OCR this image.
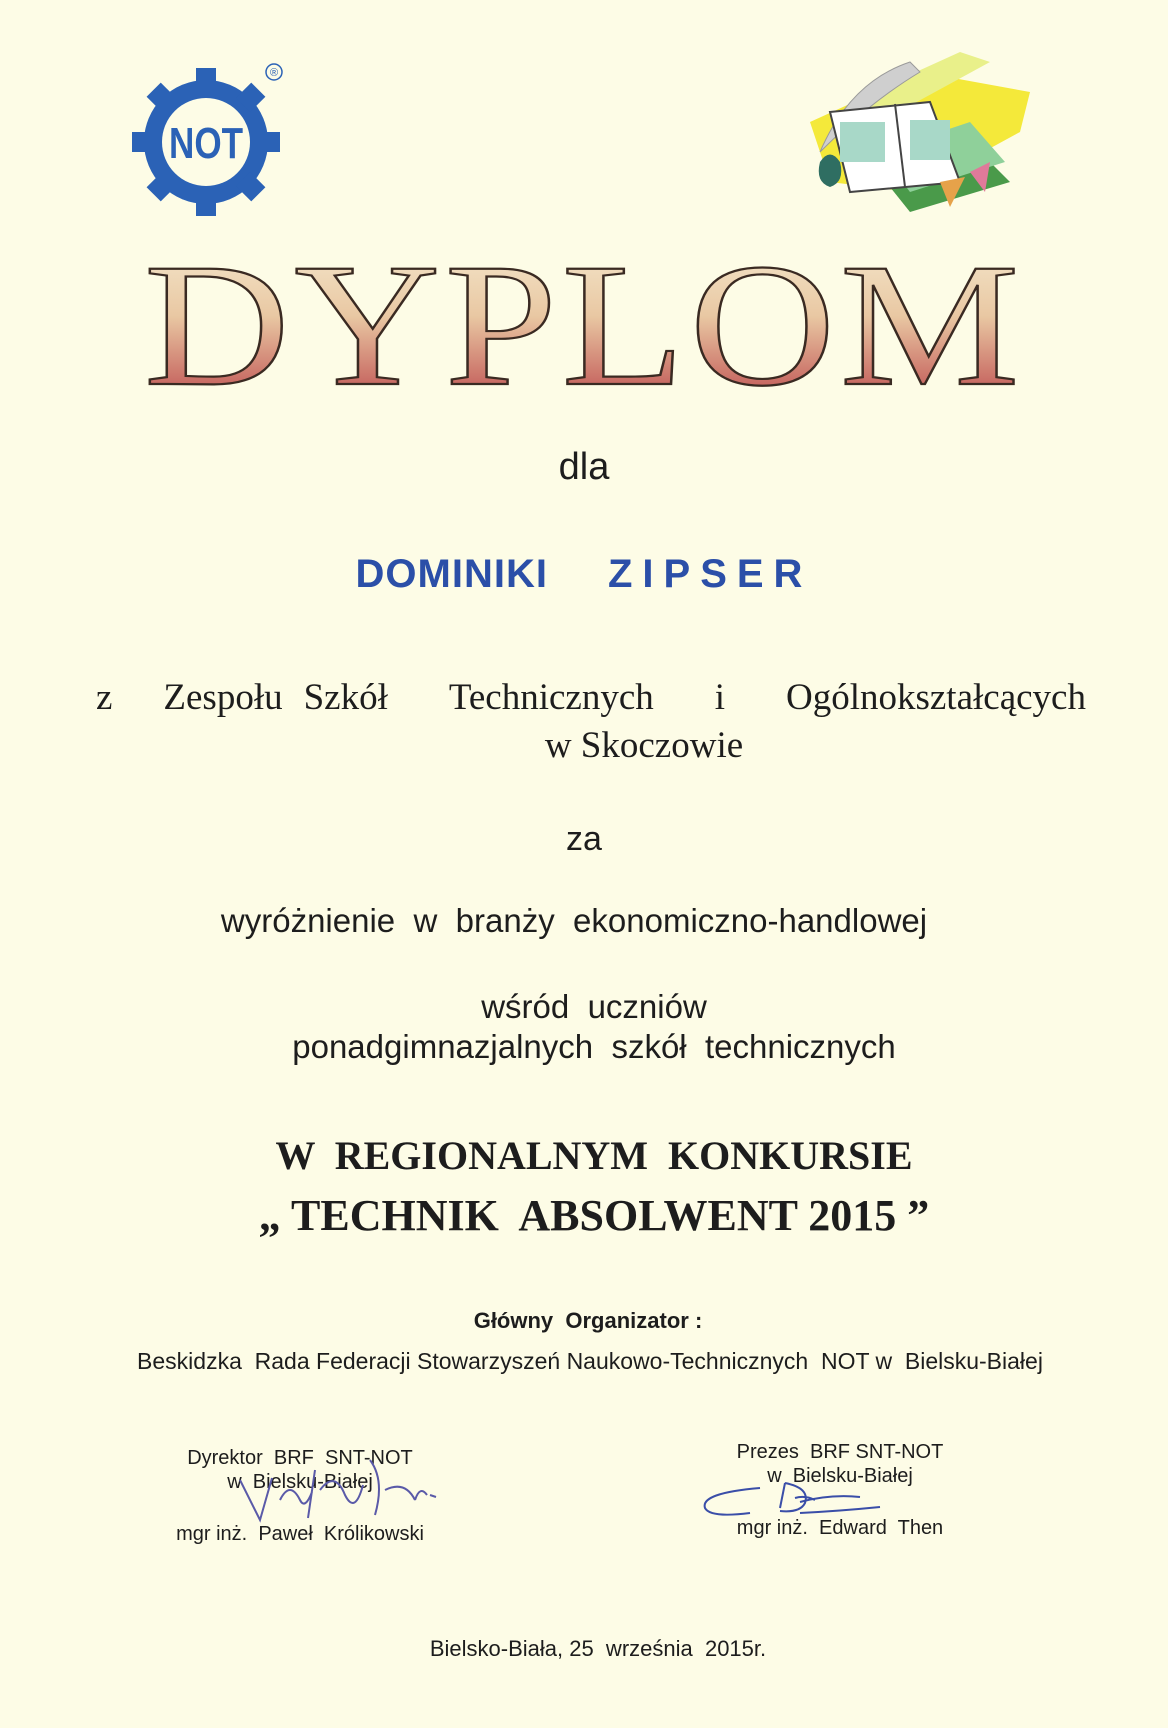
NOT
®
DYPLOM
dla
DOMINIKI ZIPSER
z Zespołu Szkół Technicznych i Ogólnokształcących
w Skoczowie
za
wyróżnienie  w  branży  ekonomiczno-handlowej
wśród  uczniów
ponadgimnazjalnych  szkół  technicznych
W  REGIONALNYM  KONKURSIE
„ TECHNIK  ABSOLWENT 2015 ”
Główny  Organizator :
Beskidzka  Rada Federacji Stowarzyszeń Naukowo-Technicznych  NOT w  Bielsku-Białej
Dyrektor  BRF  SNT-NOT
w  Bielsku-Białej
mgr inż.  Paweł  Królikowski
Prezes  BRF SNT-NOT
w  Bielsku-Białej
mgr inż.  Edward  Then
Bielsko-Biała, 25  września  2015r.
